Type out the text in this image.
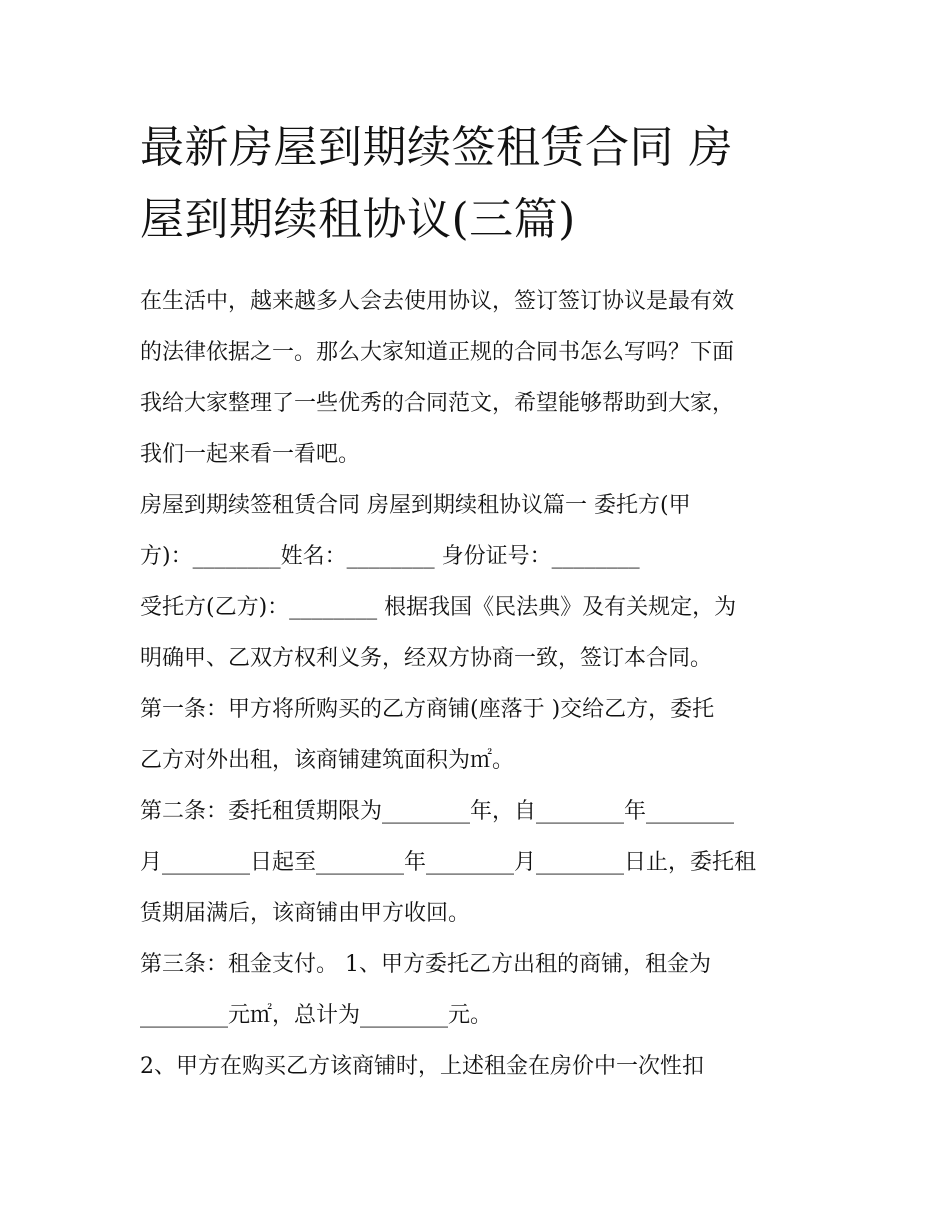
最新房屋到期续签租赁合同 房
屋到期续租协议(三篇)
在生活中，越来越多人会去使用协议，签订签订协议是最有效
的法律依据之一。那么大家知道正规的合同书怎么写吗？下面
我给大家整理了一些优秀的合同范文，希望能够帮助到大家，
我们一起来看一看吧。
房屋到期续签租赁合同 房屋到期续租协议篇一 委托方(甲
方)：________姓名：________ 身份证号：________
受托方(乙方)：________ 根据我国《民法典》及有关规定，为
明确甲、乙双方权利义务，经双方协商一致，签订本合同。
第一条：甲方将所购买的乙方商铺(座落于 )交给乙方，委托
乙方对外出租，该商铺建筑面积为㎡。
第二条：委托租赁期限为________年，自________年________
月________日起至________年________月________日止，委托租
赁期届满后，该商铺由甲方收回。
第三条：租金支付。 1、甲方委托乙方出租的商铺，租金为
________元㎡，总计为________元。
2、甲方在购买乙方该商铺时，上述租金在房价中一次性扣
